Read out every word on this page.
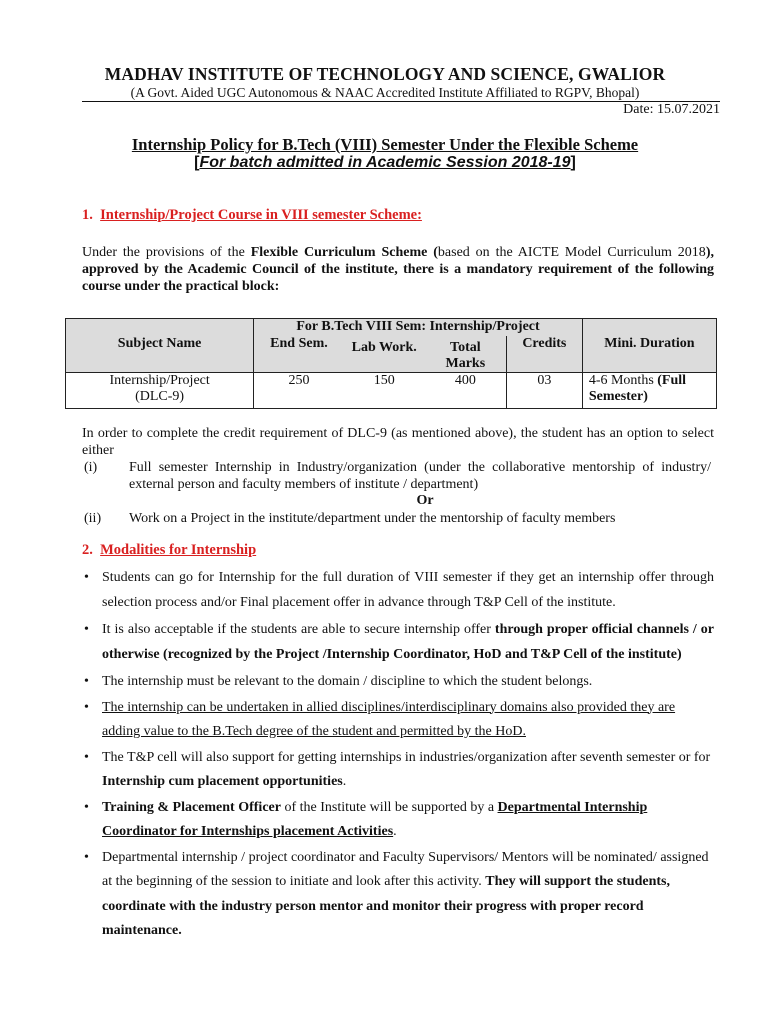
MADHAV INSTITUTE OF TECHNOLOGY AND SCIENCE, GWALIOR
(A Govt. Aided UGC Autonomous & NAAC Accredited Institute Affiliated to RGPV, Bhopal)
Date: 15.07.2021
Internship Policy for B.Tech (VIII) Semester Under the Flexible Scheme
[For batch admitted in Academic Session 2018-19]
1. Internship/Project Course in VIII semester Scheme:
Under the provisions of the Flexible Curriculum Scheme (based on the AICTE Model Curriculum 2018), approved by the Academic Council of the institute, there is a mandatory requirement of the following course under the practical block:
	For B.Tech VIII Sem: Internship/Project				
Subject Name	End Sem.	Lab Work.	Total Marks	Credits	Mini. Duration
Internship/Project (DLC-9)	250	150	400	03	4-6 Months (Full Semester)
In order to complete the credit requirement of DLC-9 (as mentioned above), the student has an option to select either
(i) Full semester Internship in Industry/organization (under the collaborative mentorship of industry/ external person and faculty members of institute / department)
Or
(ii) Work on a Project in the institute/department under the mentorship of faculty members
2. Modalities for Internship
• Students can go for Internship for the full duration of VIII semester if they get an internship offer through selection process and/or Final placement offer in advance through T&P Cell of the institute.
• It is also acceptable if the students are able to secure internship offer through proper official channels / or otherwise (recognized by the Project /Internship Coordinator, HoD and T&P Cell of the institute)
• The internship must be relevant to the domain / discipline to which the student belongs.
• The internship can be undertaken in allied disciplines/interdisciplinary domains also provided they are adding value to the B.Tech degree of the student and permitted by the HoD.
• The T&P cell will also support for getting internships in industries/organization after seventh semester or for Internship cum placement opportunities.
• Training & Placement Officer of the Institute will be supported by a Departmental Internship Coordinator for Internships placement Activities.
• Departmental internship / project coordinator and Faculty Supervisors/ Mentors will be nominated/ assigned at the beginning of the session to initiate and look after this activity. They will support the students, coordinate with the industry person mentor and monitor their progress with proper record maintenance.
